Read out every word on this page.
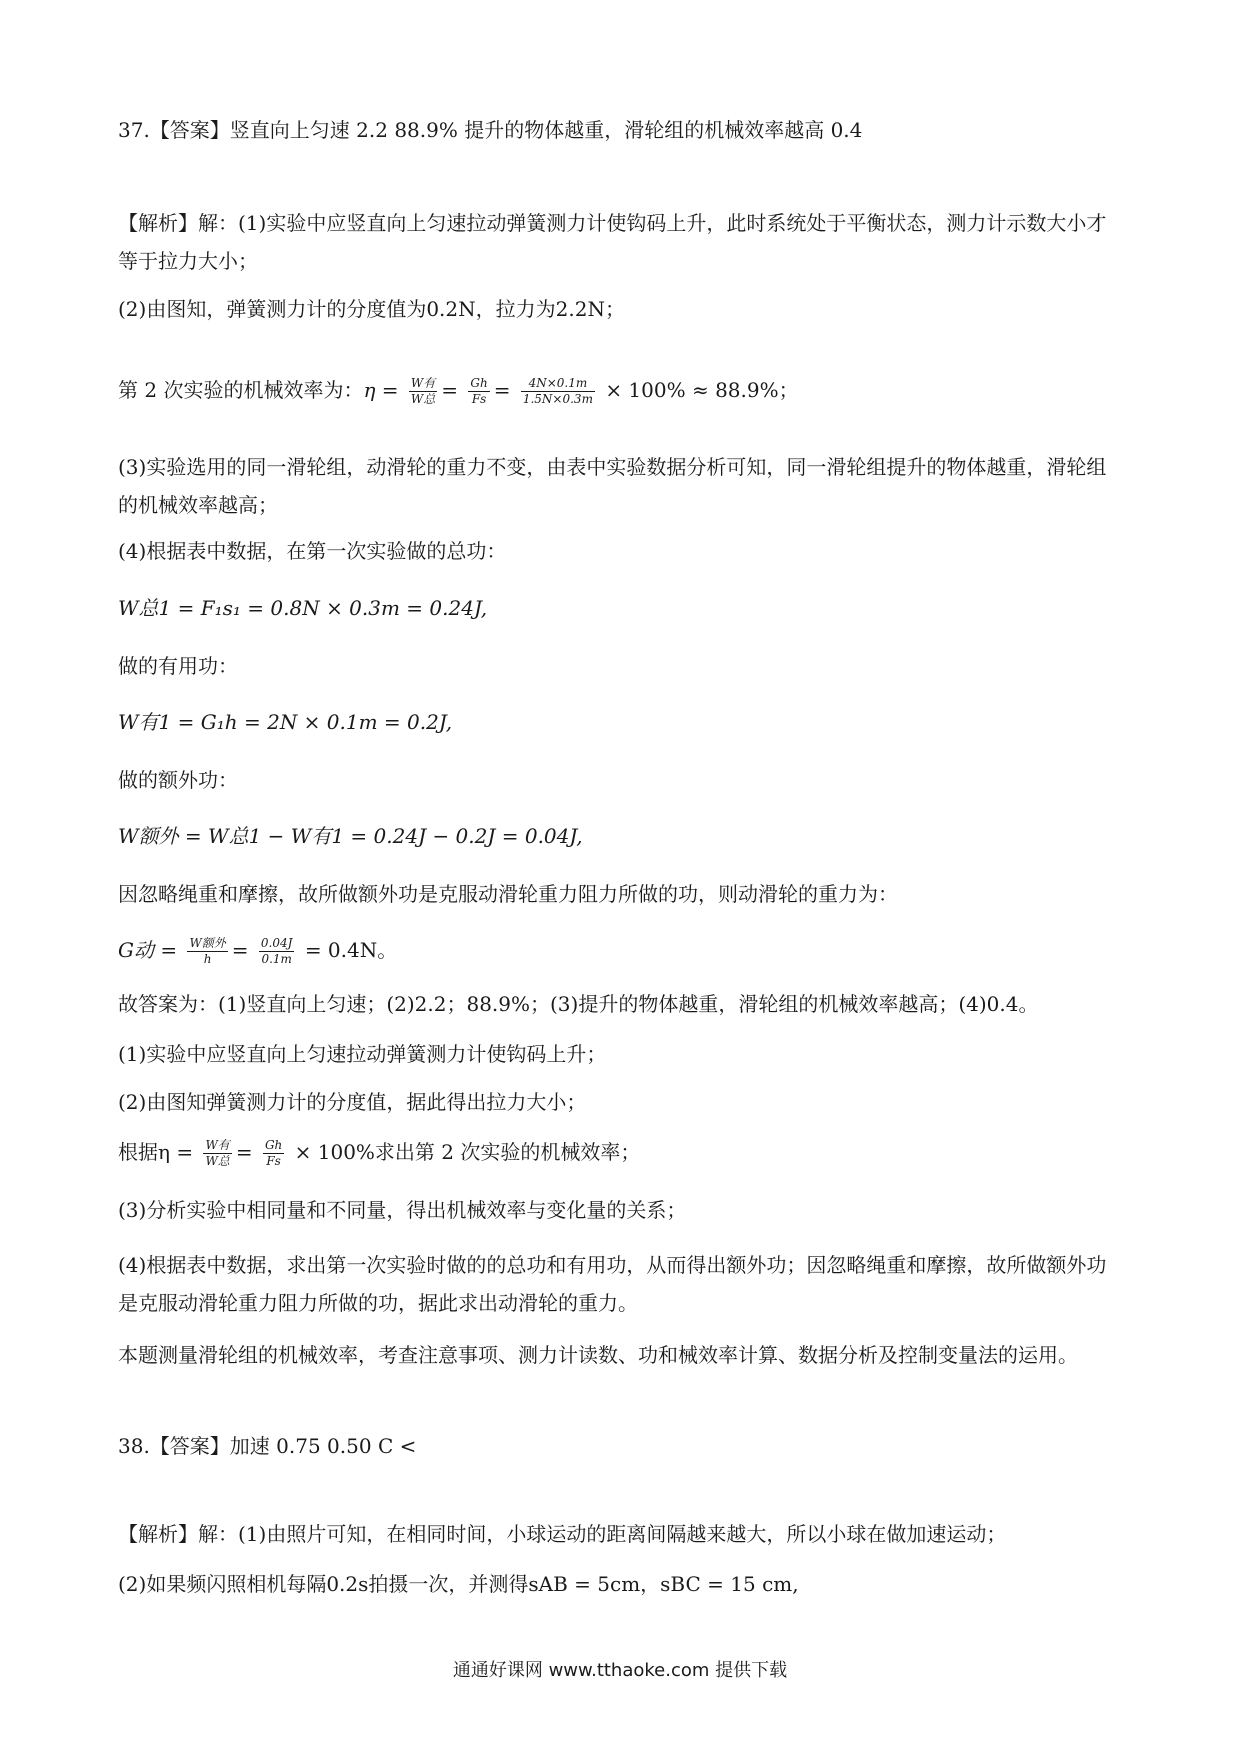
37.【答案】竖直向上匀速 2.2 88.9% 提升的物体越重，滑轮组的机械效率越高 0.4
【解析】解：(1)实验中应竖直向上匀速拉动弹簧测力计使钩码上升，此时系统处于平衡状态，测力计示数大小才等于拉力大小；
(2)由图知，弹簧测力计的分度值为0.2N，拉力为2.2N；
第 2 次实验的机械效率为：$\eta = \frac{\text{W有}}{\text{W总}} = \frac{Gh}{Fs} = \frac{4N\times 0.1m}{1.5N\times 0.3m} \times 100\% \approx 88.9\%$；
(3)实验选用的同一滑轮组，动滑轮的重力不变，由表中实验数据分析可知，同一滑轮组提升的物体越重，滑轮组的机械效率越高；
(4)根据表中数据，在第一次实验做的总功：
W总1 = F₁s₁ = 0.8N × 0.3m = 0.24J,
做的有用功：
W有1 = G₁h = 2N × 0.1m = 0.2J,
做的额外功：
W额外 = W总1 − W有1 = 0.24J − 0.2J = 0.04J,
因忽略绳重和摩擦，故所做额外功是克服动滑轮重力阻力所做的功，则动滑轮的重力为：
G动 = $\frac{\text{W额外}}{h} = \frac{0.04J}{0.1m} = 0.4N$。
故答案为：(1)竖直向上匀速；(2)2.2；88.9%；(3)提升的物体越重，滑轮组的机械效率越高；(4)0.4。
(1)实验中应竖直向上匀速拉动弹簧测力计使钩码上升；
(2)由图知弹簧测力计的分度值，据此得出拉力大小；
根据$\eta = \frac{\text{W有}}{\text{W总}} = \frac{Gh}{Fs} \times 100\%$求出第 2 次实验的机械效率；
(3)分析实验中相同量和不同量，得出机械效率与变化量的关系；
(4)根据表中数据，求出第一次实验时做的的总功和有用功，从而得出额外功；因忽略绳重和摩擦，故所做额外功是克服动滑轮重力阻力所做的功，据此求出动滑轮的重力。
本题测量滑轮组的机械效率，考查注意事项、测力计读数、功和械效率计算、数据分析及控制变量法的运用。
38.【答案】加速 0.75 0.50 C <
【解析】解：(1)由照片可知，在相同时间，小球运动的距离间隔越来越大，所以小球在做加速运动；
(2)如果频闪照相机每隔0.2s拍摄一次，并测得sAB = 5cm，sBC = 15 cm,
通通好课网 www.tthaoke.com 提供下载
